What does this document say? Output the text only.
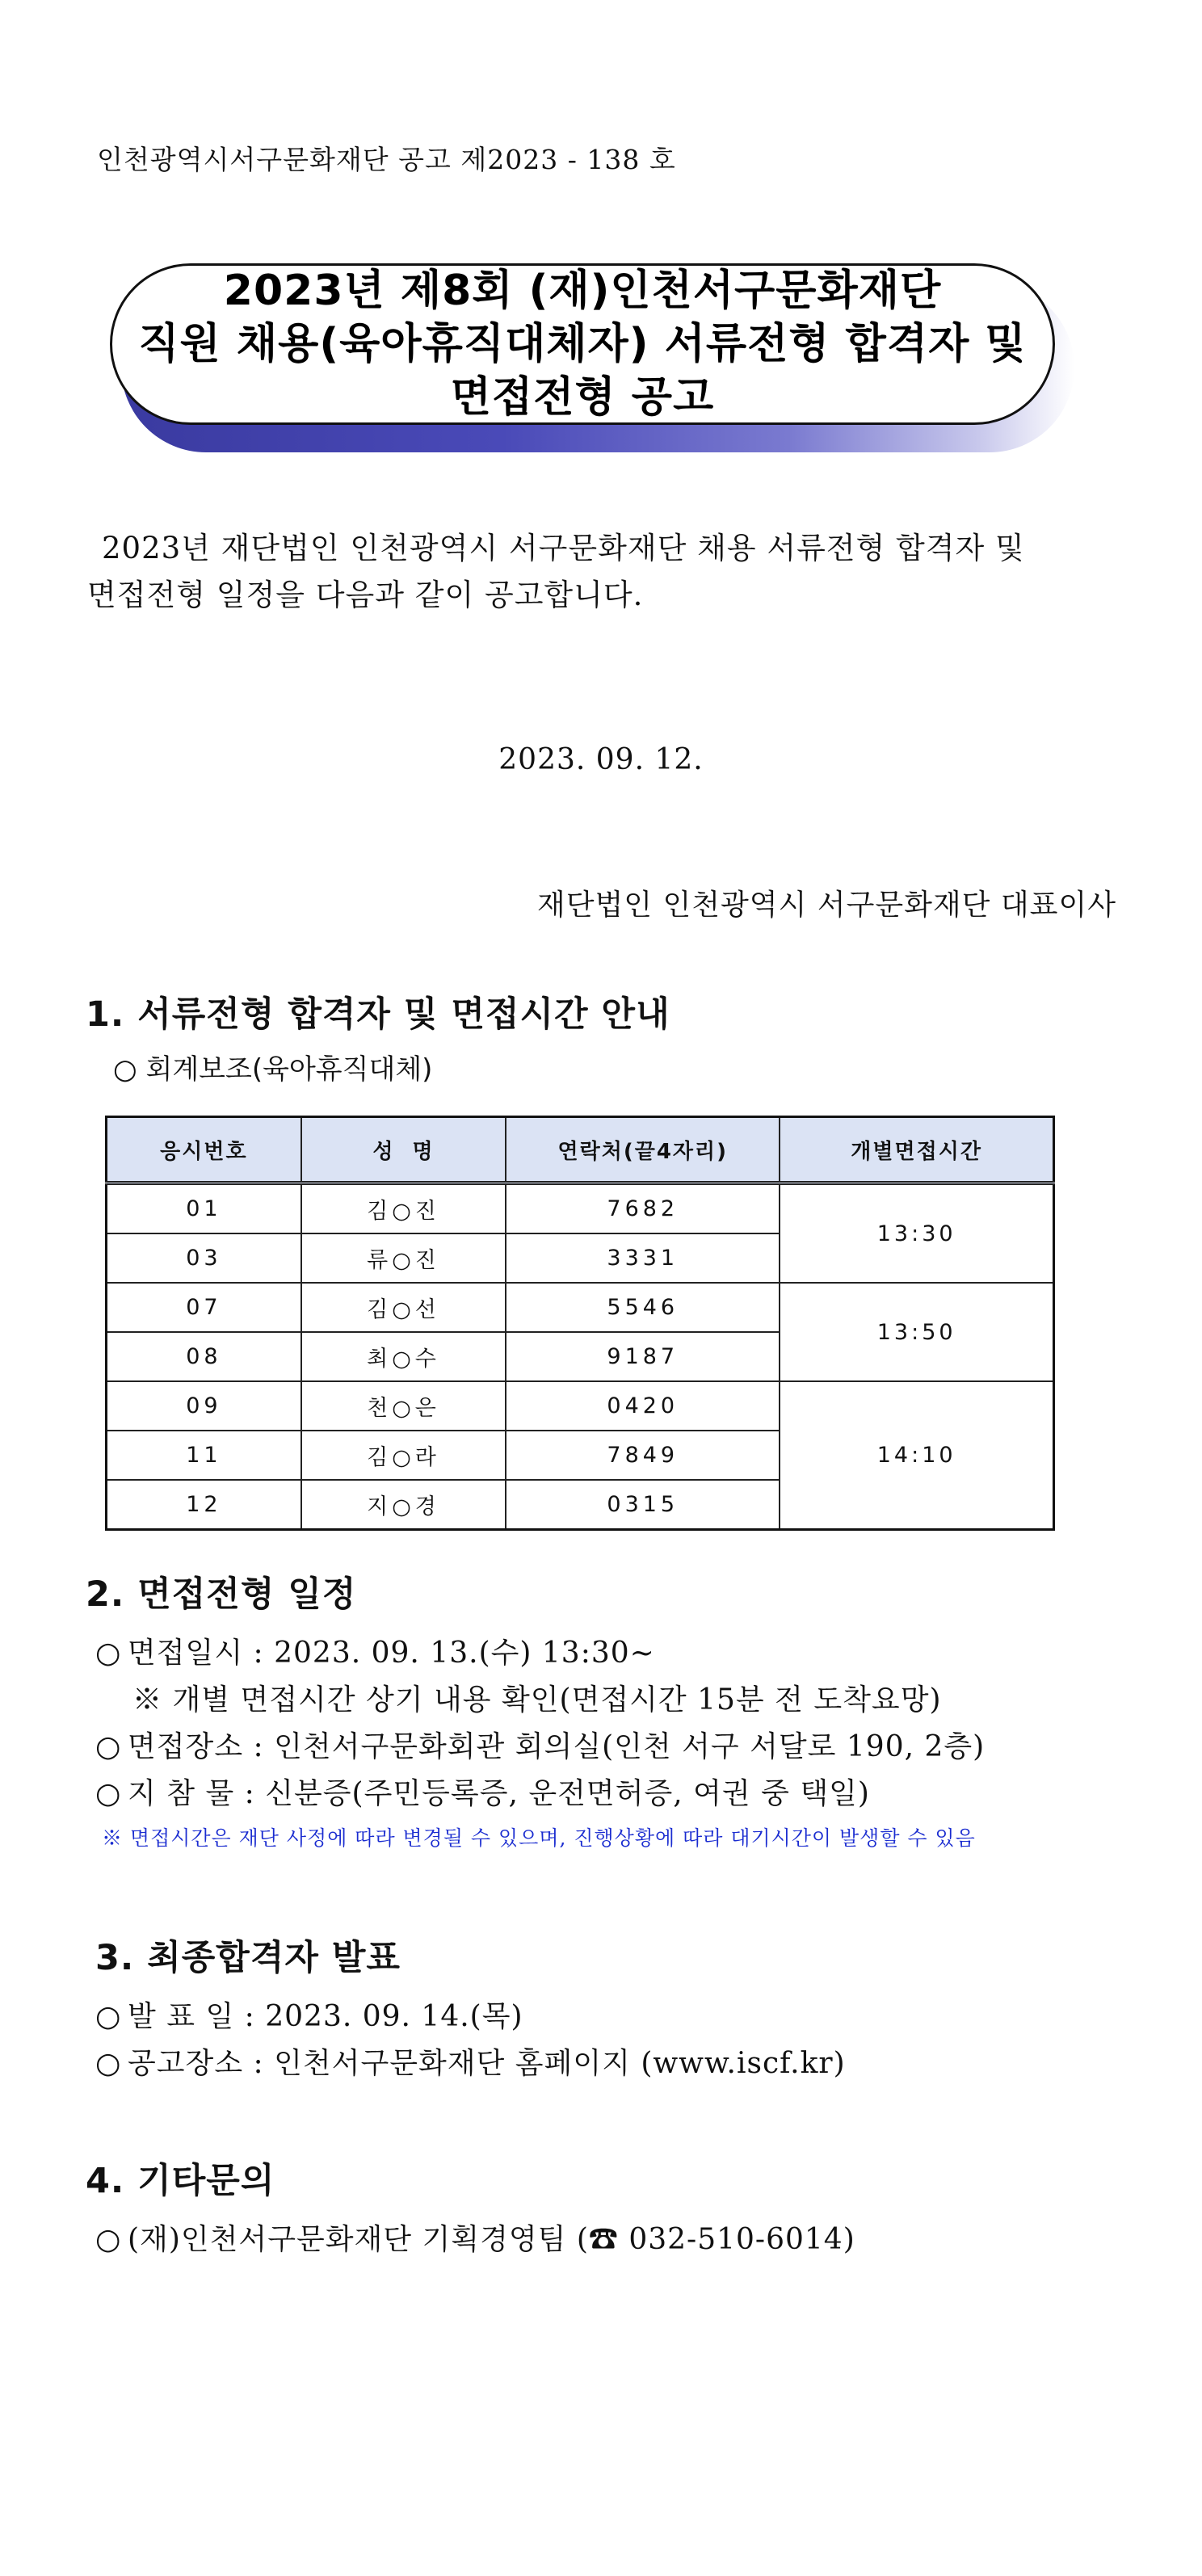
인천광역시서구문화재단 공고 제2023 - 138 호
2023년 제8회 (재)인천서구문화재단
직원 채용(육아휴직대체자) 서류전형 합격자 및
면접전형 공고
2023년 재단법인 인천광역시 서구문화재단 채용 서류전형 합격자 및
면접전형 일정을 다음과 같이 공고합니다.
2023. 09. 12.
재단법인 인천광역시 서구문화재단 대표이사
1. 서류전형 합격자 및 면접시간 안내
○ 회계보조(육아휴직대체)
응시번호	성  명	연락처(끝4자리)	개별면접시간
01	김○진	7682	13:30
03	류○진	3331	
07	김○선	5546	13:50
08	최○수	9187	
09	천○은	0420	14:10
11	김○라	7849	
12	지○경	0315	
2. 면접전형 일정
○ 면접일시 : 2023. 09. 13.(수) 13:30~
※ 개별 면접시간 상기 내용 확인(면접시간 15분 전 도착요망)
○ 면접장소 : 인천서구문화회관 회의실(인천 서구 서달로 190, 2층)
○ 지 참 물 : 신분증(주민등록증, 운전면허증, 여권 중 택일)
※ 면접시간은 재단 사정에 따라 변경될 수 있으며, 진행상황에 따라 대기시간이 발생할 수 있음
3. 최종합격자 발표
○ 발 표 일 : 2023. 09. 14.(목)
○ 공고장소 : 인천서구문화재단 홈페이지 (www.iscf.kr)
4. 기타문의
○ (재)인천서구문화재단 기획경영팀 (☎ 032-510-6014)
